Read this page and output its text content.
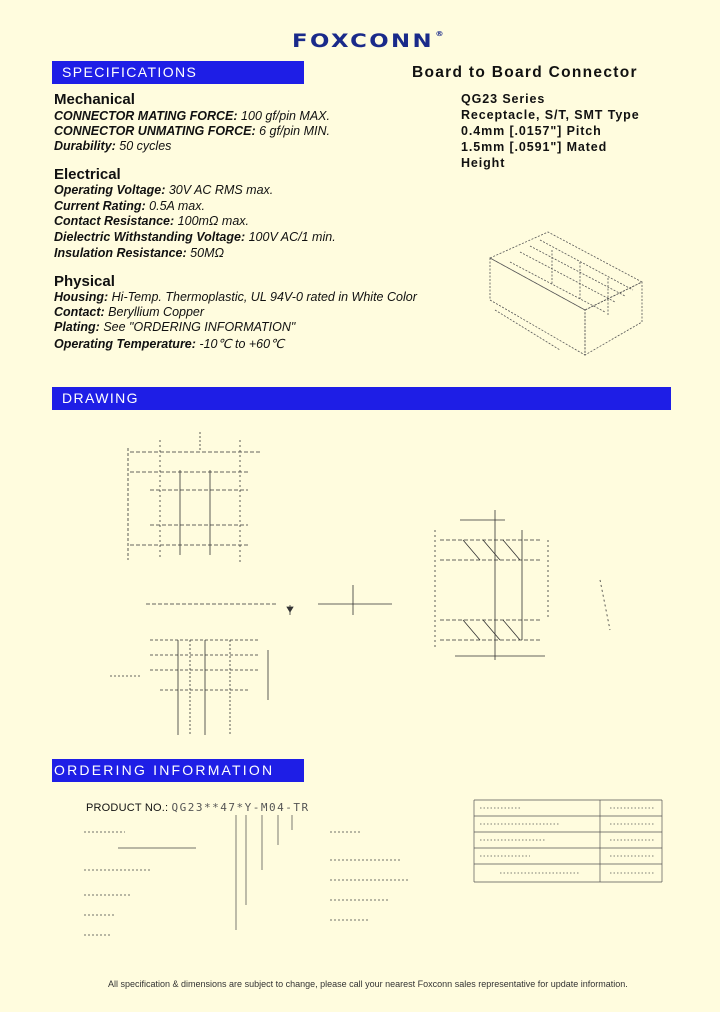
FOXCONN®
SPECIFICATIONS
DRAWING
ORDERING INFORMATION
Board to Board Connector
QG23 Series
Receptacle, S/T, SMT Type
0.4mm [.0157"] Pitch
1.5mm [.0591"] Mated
Height
Mechanical
CONNECTOR MATING FORCE: 100 gf/pin MAX.
CONNECTOR UNMATING FORCE: 6 gf/pin MIN.
Durability: 50 cycles
Electrical
Operating Voltage: 30V AC RMS max.
Current Rating: 0.5A max.
Contact Resistance: 100mΩ max.
Dielectric Withstanding Voltage: 100V AC/1 min.
Insulation Resistance: 50MΩ
Physical
Housing: Hi-Temp. Thermoplastic, UL 94V-0 rated in White Color
Contact: Beryllium Copper
Plating: See "ORDERING INFORMATION"
Operating Temperature: -10℃ to +60℃
PRODUCT NO.: QG23**47*Y-M04-TR
All specification & dimensions are subject to change, please call your nearest Foxconn sales representative for update information.
